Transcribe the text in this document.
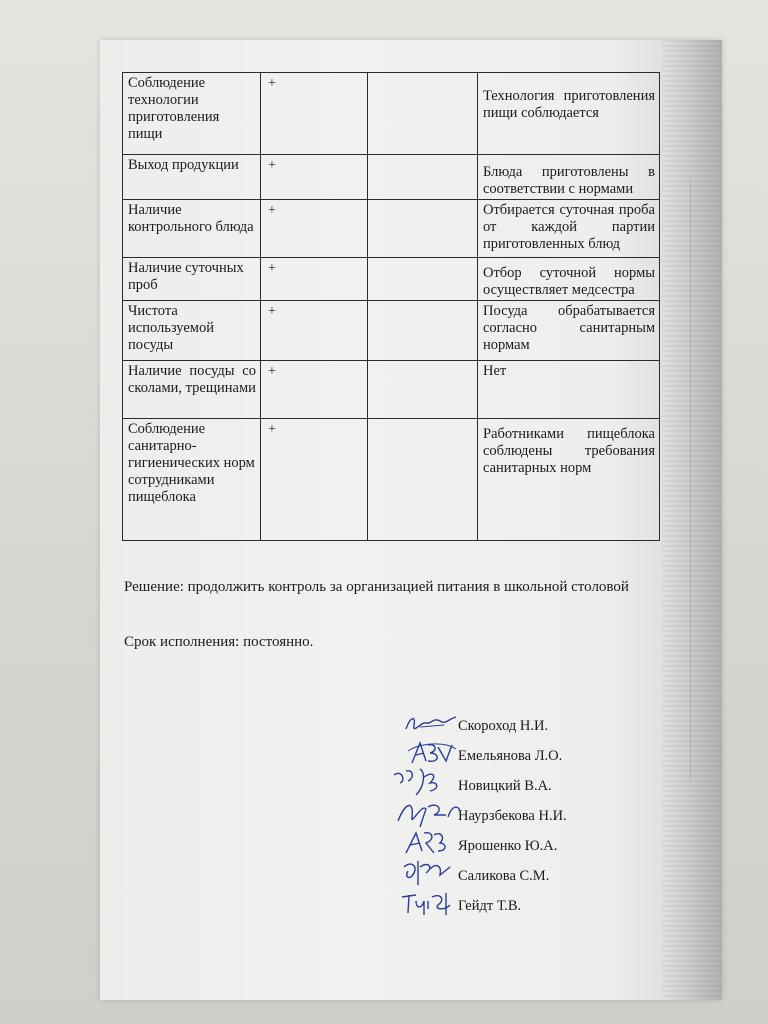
Соблюдение технологии приготовления пищи	+		Технология приготовления пищи соблюдается
Выход продукции	+		Блюда приготовлены в соответствии с нормами
Наличие контрольного блюда	+		Отбирается суточная проба от каждой партии приготовленных блюд
Наличие суточных проб	+		Отбор суточной нормы осуществляет медсестра
Чистота используемой посуды	+		Посуда обрабатывается согласно санитарным нормам
Наличие посуды со сколами, трещинами	+		Нет
Соблюдение санитарно-гигиенических норм сотрудниками пищеблока	+		Работниками пищеблока соблюдены требования санитарных норм
Решение: продолжить контроль за организацией питания в школьной столовой
Срок исполнения: постоянно.
Скороход Н.И.
Емельянова Л.О.
Новицкий В.А.
Наурзбекова Н.И.
Ярошенко Ю.А.
Саликова С.М.
Гейдт Т.В.
